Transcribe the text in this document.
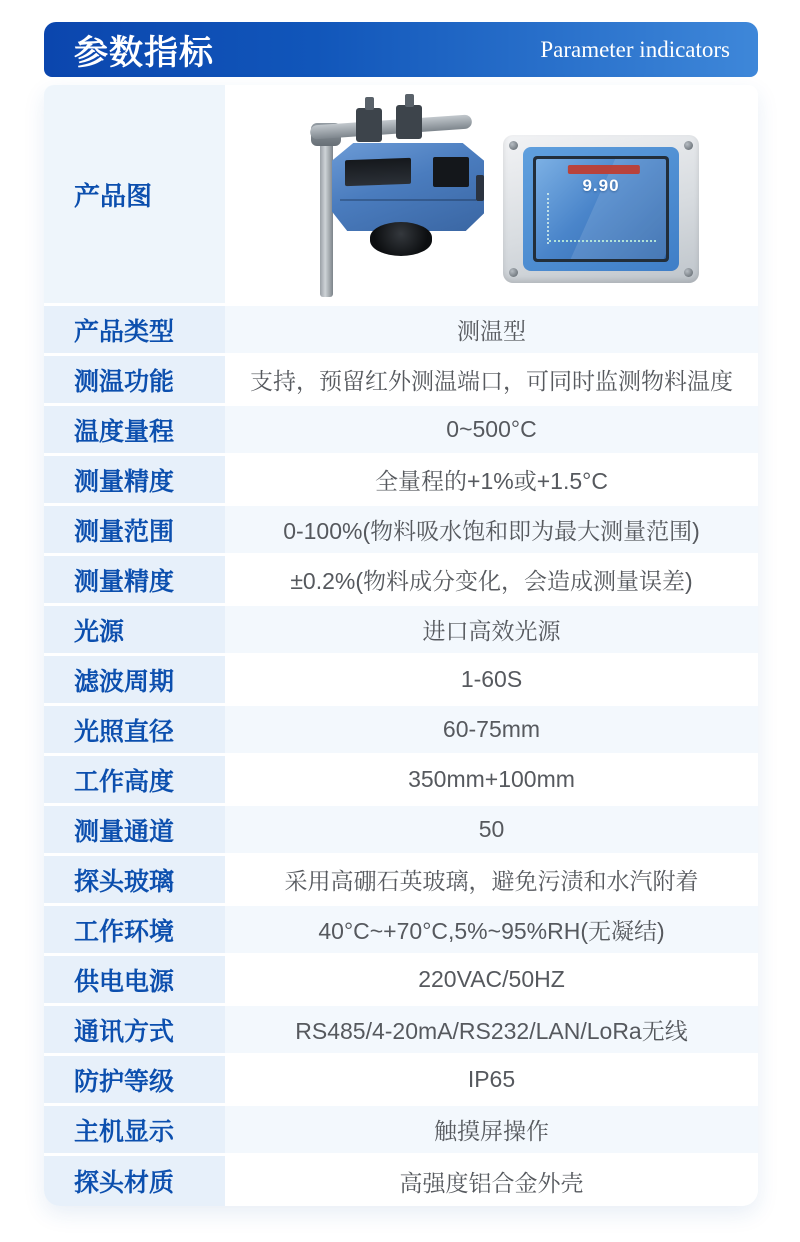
参数指标	Parameter indicators
产品图	9.90
产品类型	测温型
测温功能	支持，预留红外测温端口，可同时监测物料温度
温度量程	0~500°C
测量精度	全量程的+1%或+1.5°C
测量范围	0-100%(物料吸水饱和即为最大测量范围)
测量精度	±0.2%(物料成分变化，会造成测量误差)
光源	进口高效光源
滤波周期	1-60S
光照直径	60-75mm
工作高度	350mm+100mm
测量通道	50
探头玻璃	采用高硼石英玻璃，避免污渍和水汽附着
工作环境	40°C~+70°C,5%~95%RH(无凝结)
供电电源	220VAC/50HZ
通讯方式	RS485/4-20mA/RS232/LAN/LoRa无线
防护等级	IP65
主机显示	触摸屏操作
探头材质	高强度铝合金外壳
